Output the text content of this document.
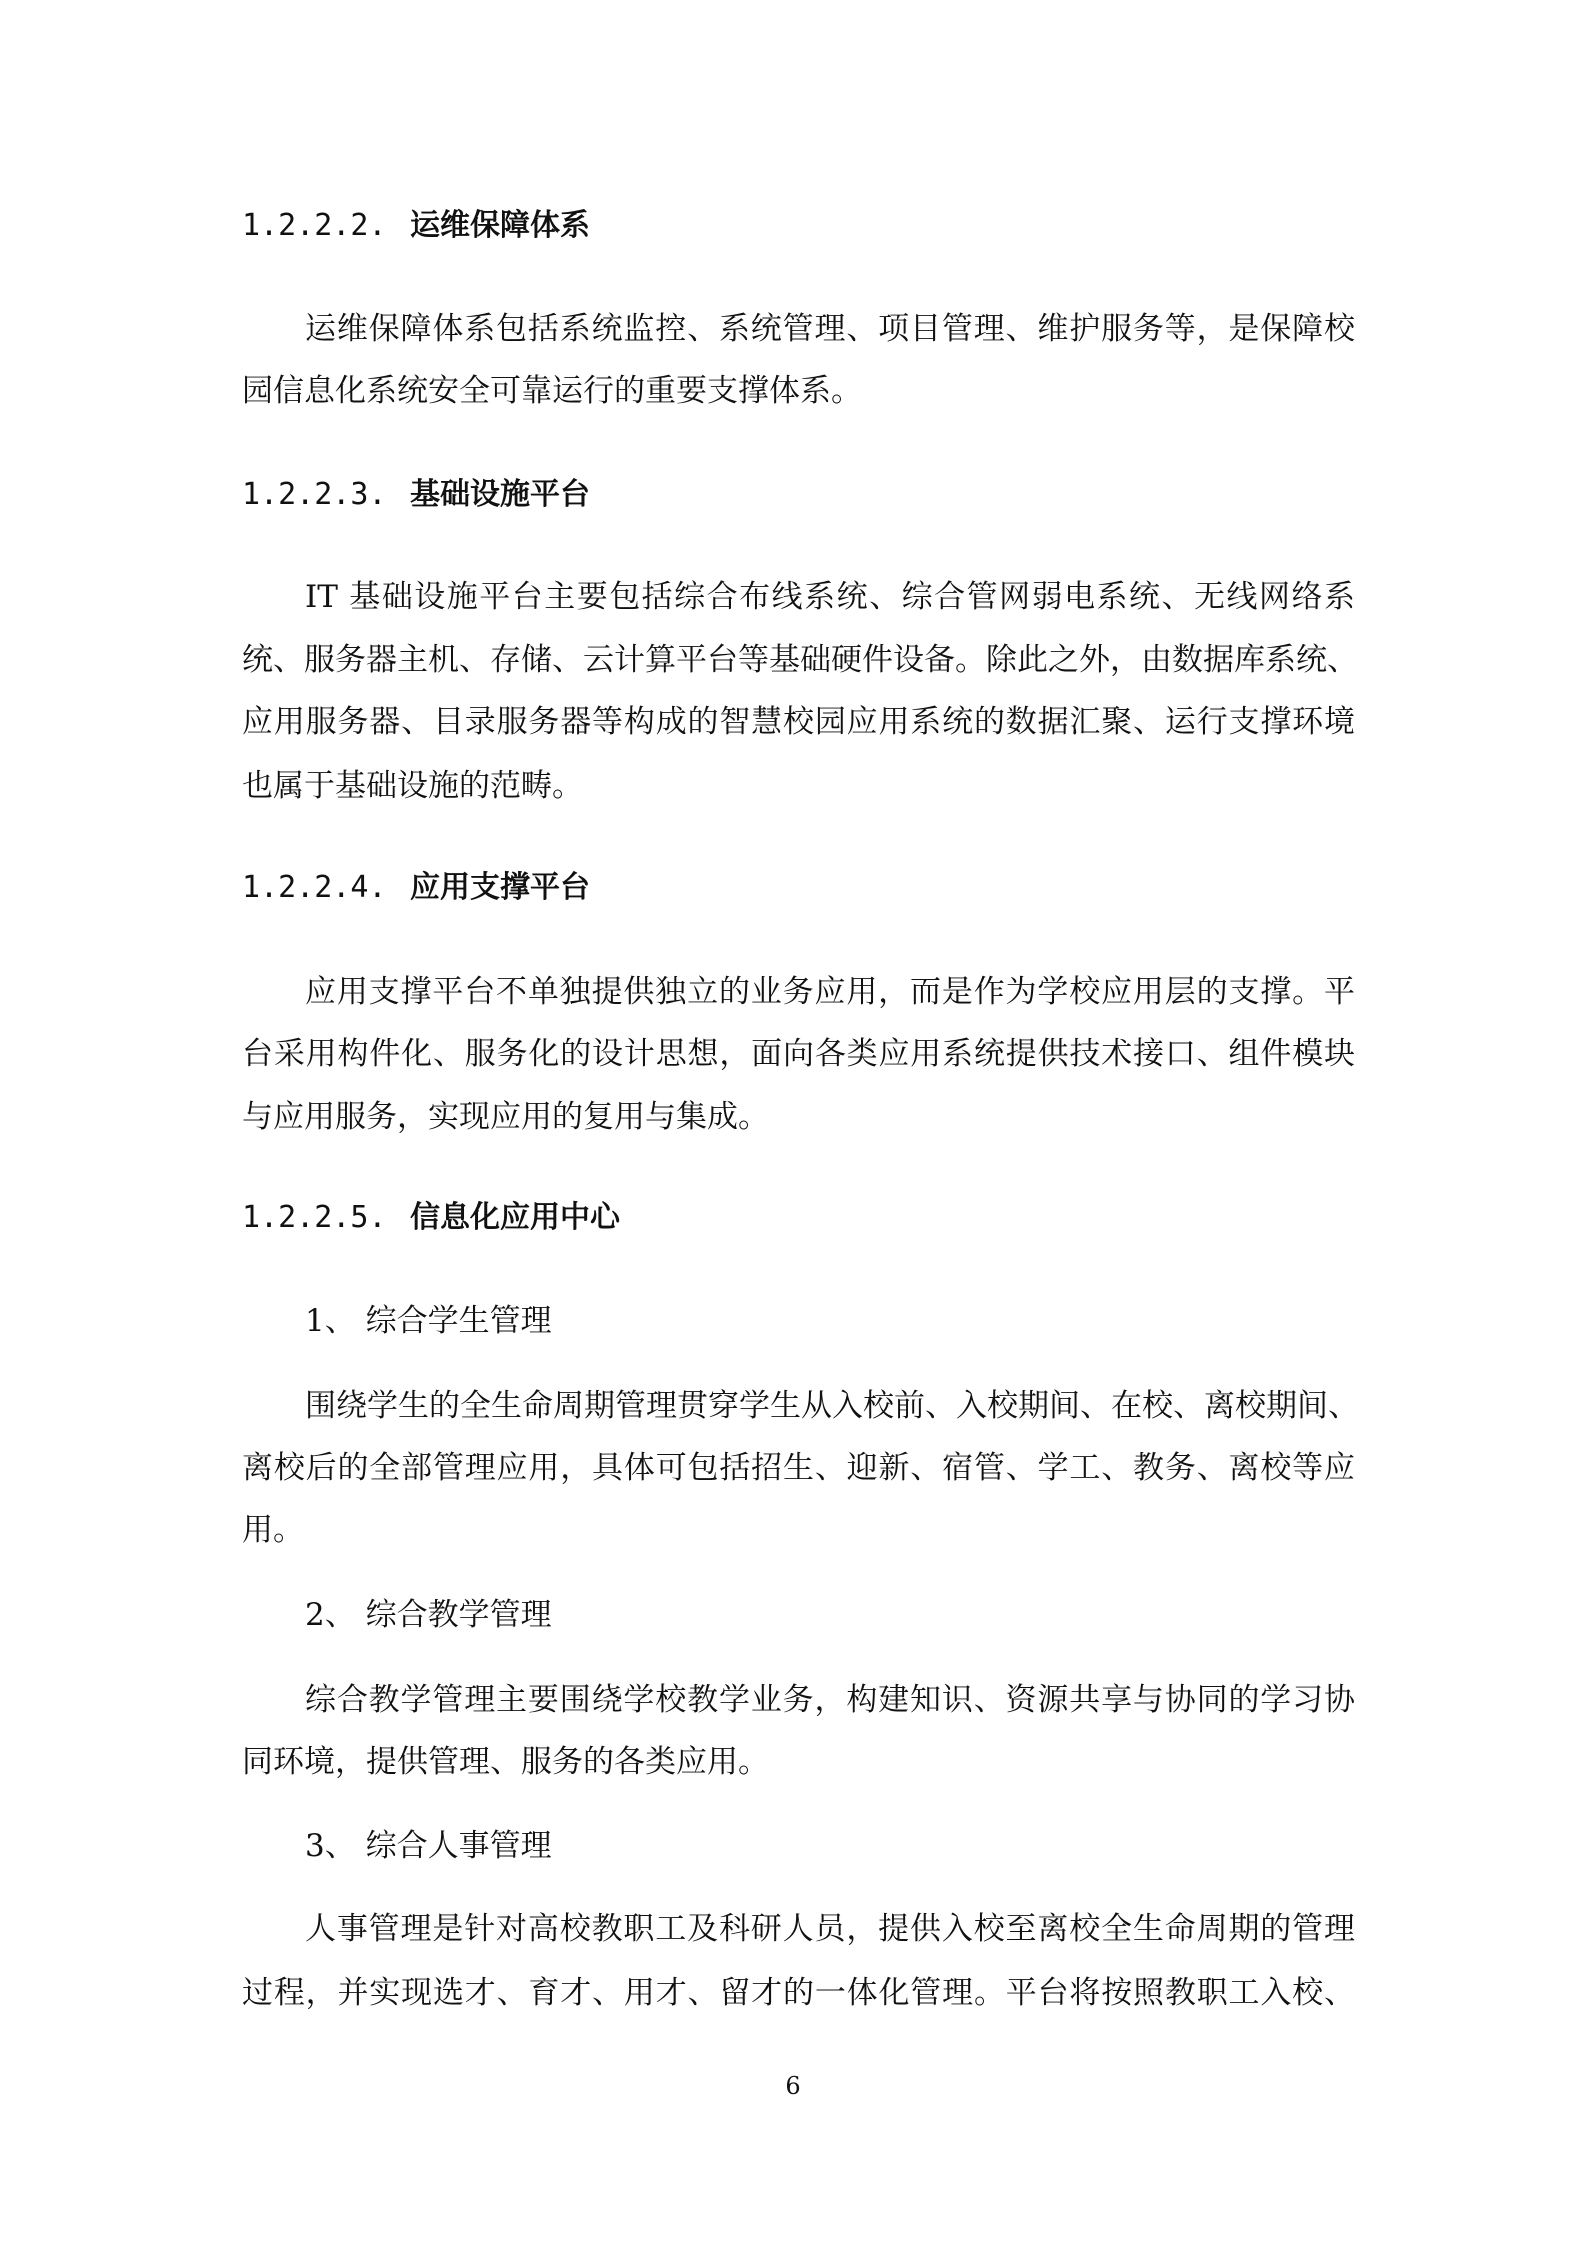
1.2.2.2. 运维保障体系
运维保障体系包括系统监控、系统管理、项目管理、维护服务等，是保障校
园信息化系统安全可靠运行的重要支撑体系。
1.2.2.3. 基础设施平台
IT 基础设施平台主要包括综合布线系统、综合管网弱电系统、无线网络系
统、服务器主机、存储、云计算平台等基础硬件设备。除此之外，由数据库系统、
应用服务器、目录服务器等构成的智慧校园应用系统的数据汇聚、运行支撑环境
也属于基础设施的范畴。
1.2.2.4. 应用支撑平台
应用支撑平台不单独提供独立的业务应用，而是作为学校应用层的支撑。平
台采用构件化、服务化的设计思想，面向各类应用系统提供技术接口、组件模块
与应用服务，实现应用的复用与集成。
1.2.2.5. 信息化应用中心
1、 综合学生管理
围绕学生的全生命周期管理贯穿学生从入校前、入校期间、在校、离校期间、
离校后的全部管理应用，具体可包括招生、迎新、宿管、学工、教务、离校等应
用。
2、 综合教学管理
综合教学管理主要围绕学校教学业务，构建知识、资源共享与协同的学习协
同环境，提供管理、服务的各类应用。
3、 综合人事管理
人事管理是针对高校教职工及科研人员，提供入校至离校全生命周期的管理
过程，并实现选才、育才、用才、留才的一体化管理。平台将按照教职工入校、
6
